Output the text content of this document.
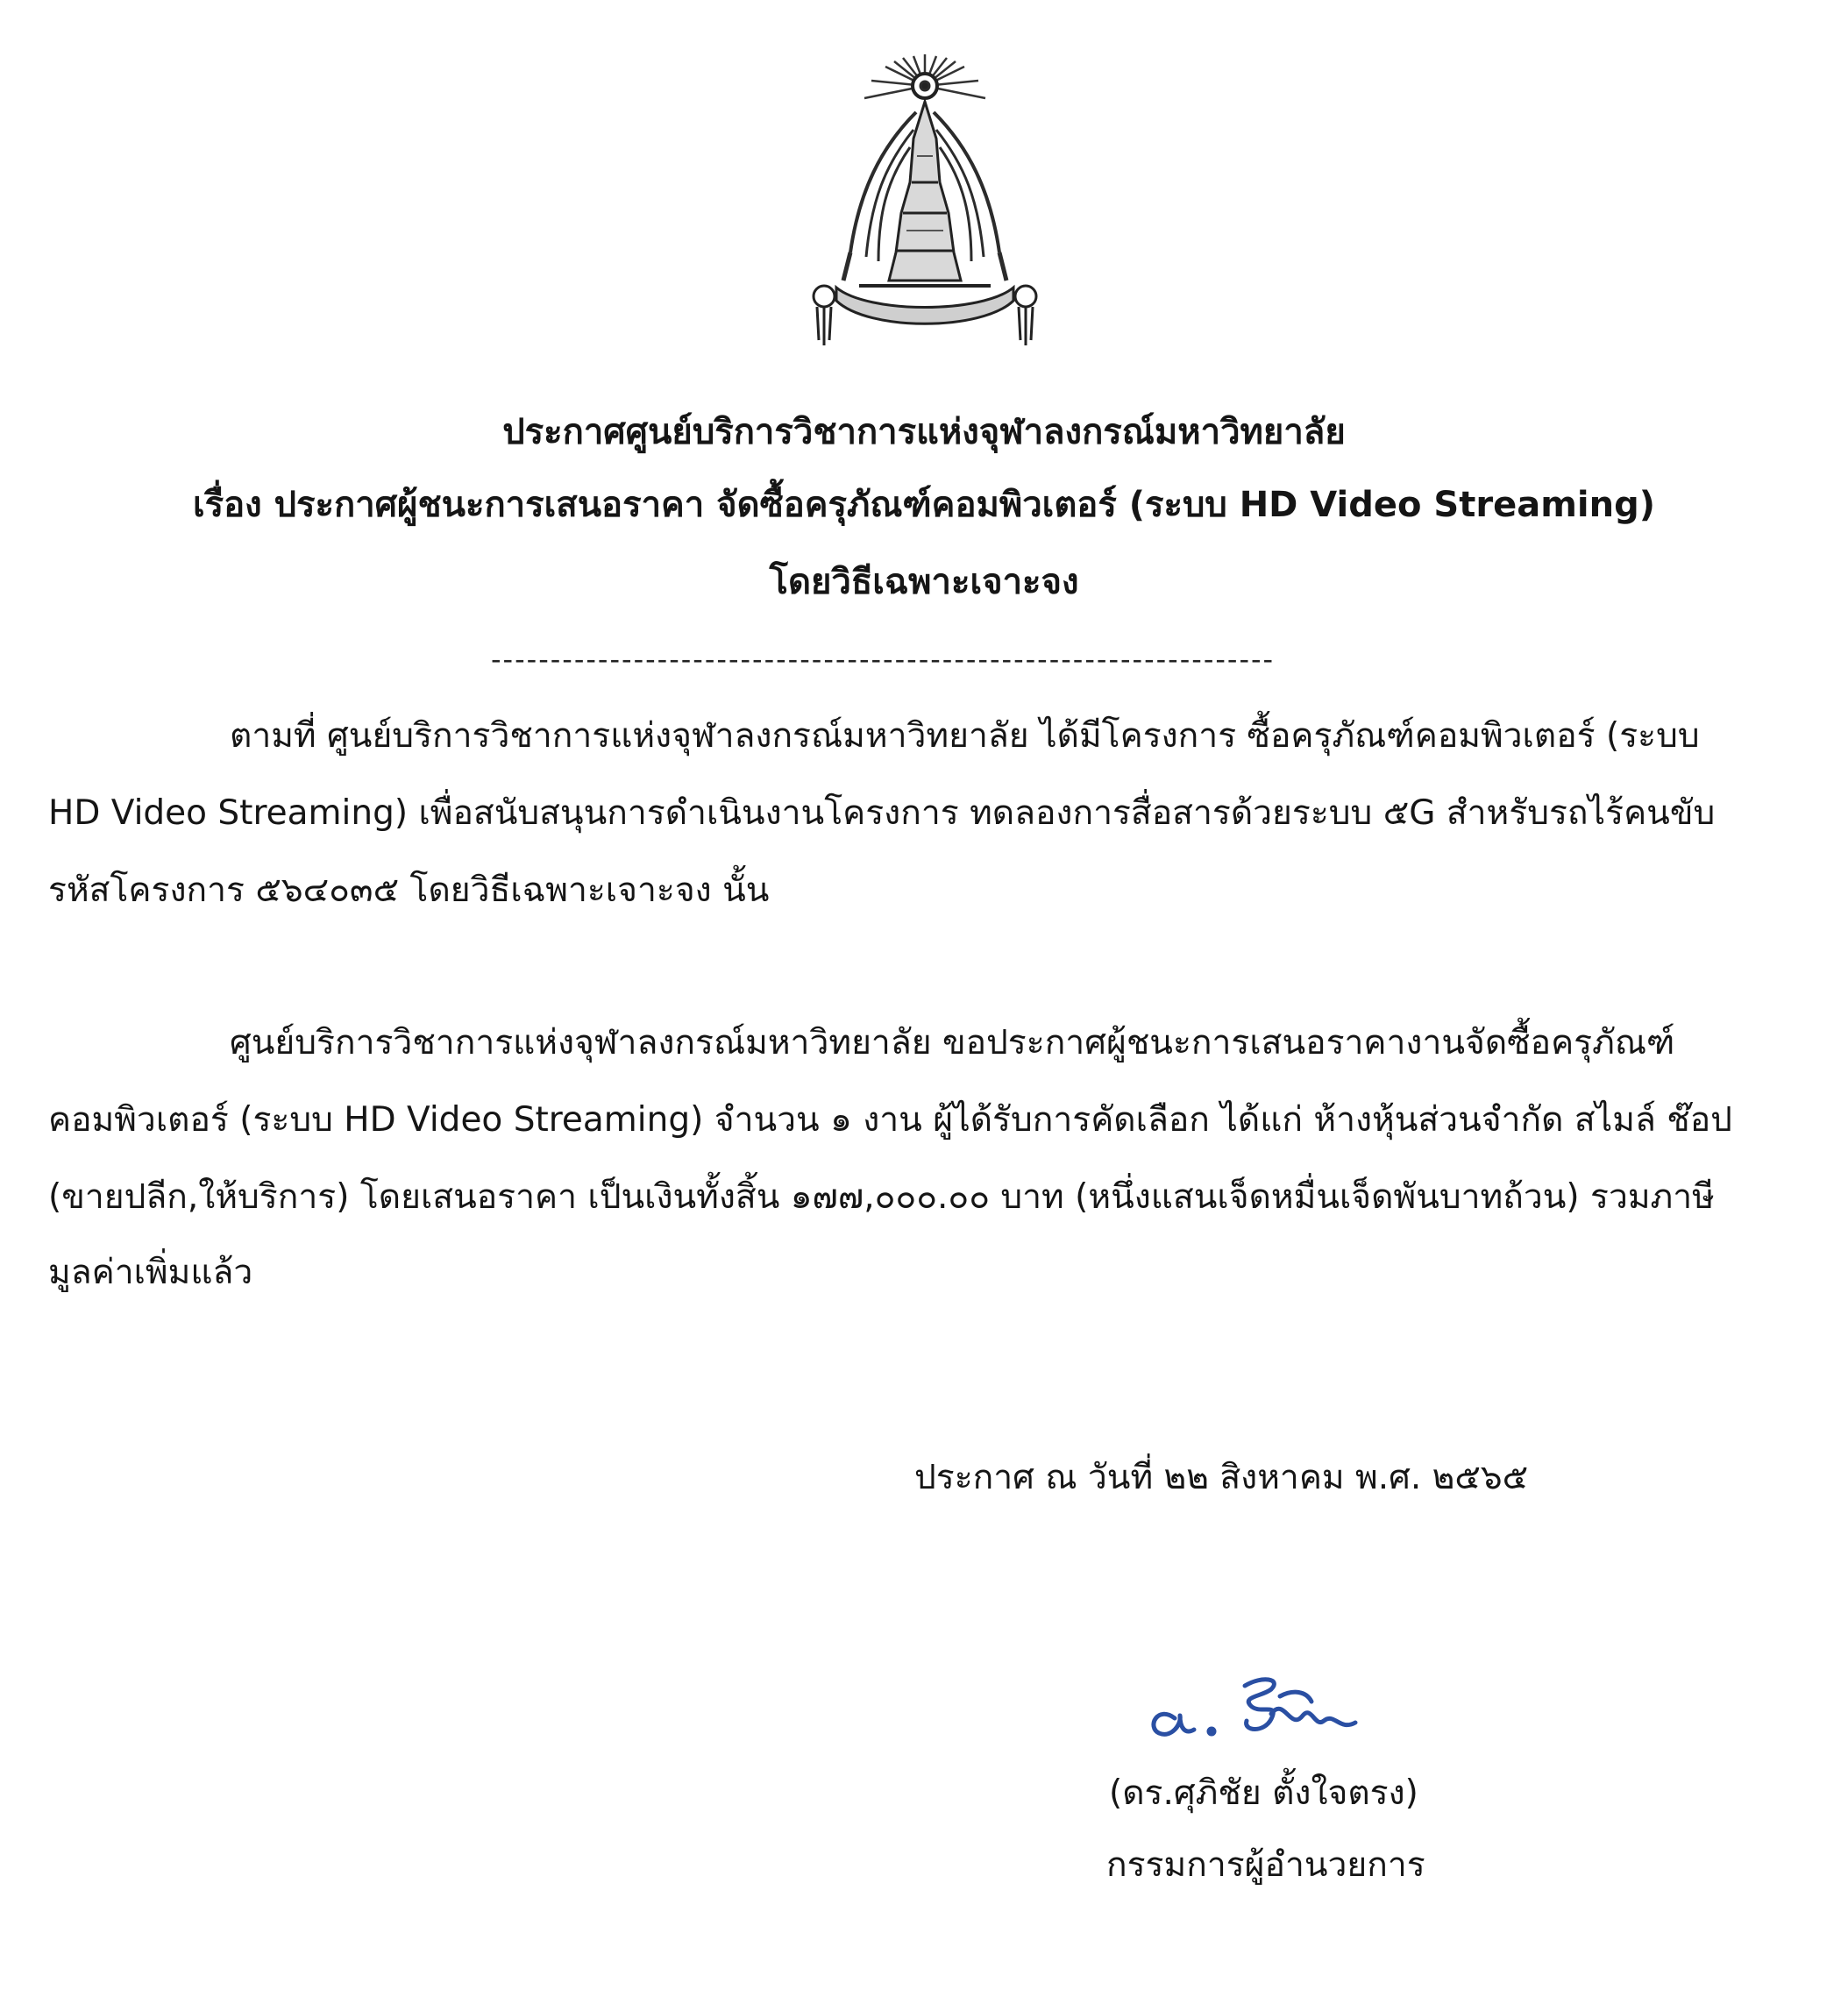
ประกาศศูนย์บริการวิชาการแห่งจุฬาลงกรณ์มหาวิทยาลัย
เรื่อง ประกาศผู้ชนะการเสนอราคา จัดซื้อครุภัณฑ์คอมพิวเตอร์ (ระบบ HD Video Streaming)
โดยวิธีเฉพาะเจาะจง
------------------------------------------------------------------
ตามที่ ศูนย์บริการวิชาการแห่งจุฬาลงกรณ์มหาวิทยาลัย ได้มีโครงการ ซื้อครุภัณฑ์คอมพิวเตอร์ (ระบบ
HD Video Streaming) เพื่อสนับสนุนการดำเนินงานโครงการ ทดลองการสื่อสารด้วยระบบ ๕G สำหรับรถไร้คนขับ
รหัสโครงการ ๕๖๔๐๓๕ โดยวิธีเฉพาะเจาะจง นั้น
ศูนย์บริการวิชาการแห่งจุฬาลงกรณ์มหาวิทยาลัย ขอประกาศผู้ชนะการเสนอราคางานจัดซื้อครุภัณฑ์
คอมพิวเตอร์ (ระบบ HD Video Streaming) จำนวน ๑ งาน ผู้ได้รับการคัดเลือก ได้แก่ ห้างหุ้นส่วนจำกัด สไมล์ ช๊อป
(ขายปลีก,ให้บริการ) โดยเสนอราคา เป็นเงินทั้งสิ้น ๑๗๗,๐๐๐.๐๐ บาท (หนึ่งแสนเจ็ดหมื่นเจ็ดพันบาทถ้วน) รวมภาษี
มูลค่าเพิ่มแล้ว
ประกาศ ณ วันที่ ๒๒ สิงหาคม พ.ศ. ๒๕๖๕
(ดร.ศุภิชัย ตั้งใจตรง)
กรรมการผู้อำนวยการ
